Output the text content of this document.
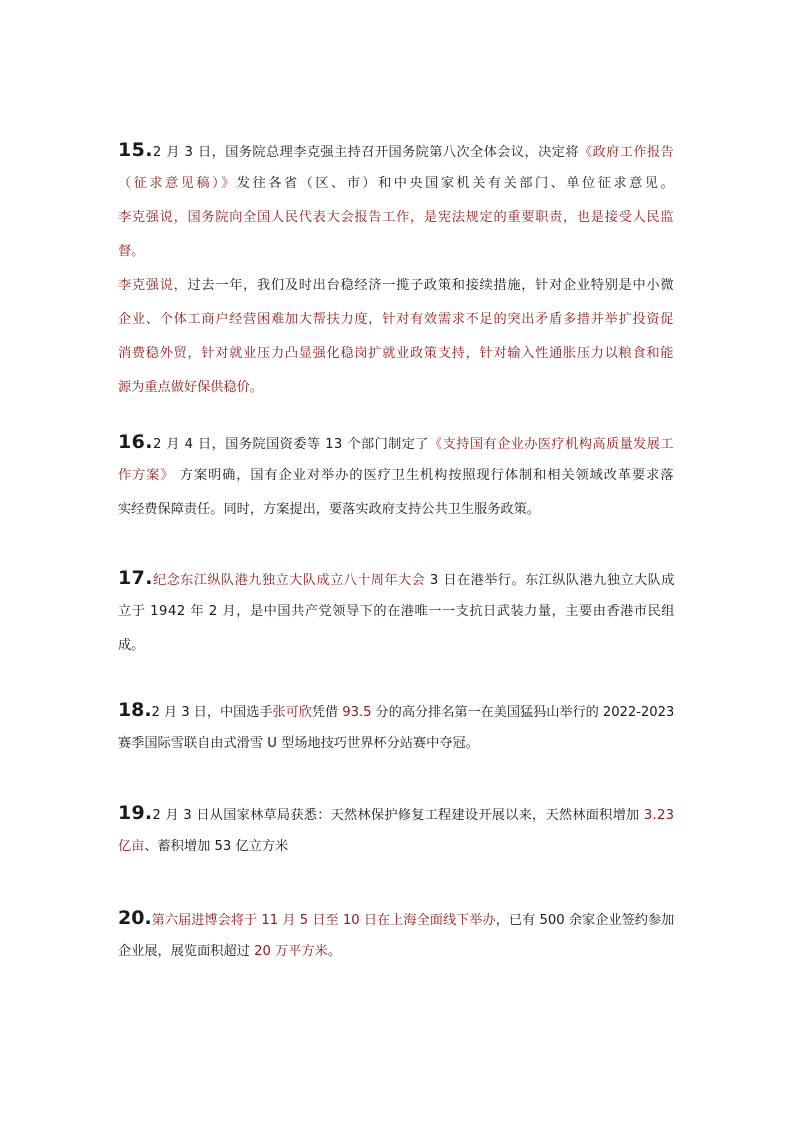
15.2 月 3 日，国务院总理李克强主持召开国务院第八次全体会议，决定将《政府工作报告
（征求意见稿）》发往各省（区、市）和中央国家机关有关部门、单位征求意见。
李克强说，国务院向全国人民代表大会报告工作，是宪法规定的重要职责，也是接受人民监
督。
李克强说，过去一年，我们及时出台稳经济一揽子政策和接续措施，针对企业特别是中小微
企业、个体工商户经营困难加大帮扶力度，针对有效需求不足的突出矛盾多措并举扩投资促
消费稳外贸，针对就业压力凸显强化稳岗扩就业政策支持，针对输入性通胀压力以粮食和能
源为重点做好保供稳价。
16.2 月 4 日，国务院国资委等 13 个部门制定了《支持国有企业办医疗机构高质量发展工
作方案》 方案明确，国有企业对举办的医疗卫生机构按照现行体制和相关领域改革要求落
实经费保障责任。同时，方案提出，要落实政府支持公共卫生服务政策。
17.纪念东江纵队港九独立大队成立八十周年大会 3 日在港举行。东江纵队港九独立大队成
立于 1942 年 2 月，是中国共产党领导下的在港唯一一支抗日武装力量，主要由香港市民组
成。
18.2 月 3 日，中国选手张可欣凭借 93.5 分的高分排名第一在美国猛犸山举行的 2022-2023
赛季国际雪联自由式滑雪 U 型场地技巧世界杯分站赛中夺冠。
19.2 月 3 日从国家林草局获悉：天然林保护修复工程建设开展以来，天然林面积增加 3.23
亿亩、蓄积增加 53 亿立方米
20.第六届进博会将于 11 月 5 日至 10 日在上海全面线下举办，已有 500 余家企业签约参加
企业展，展览面积超过 20 万平方米。
